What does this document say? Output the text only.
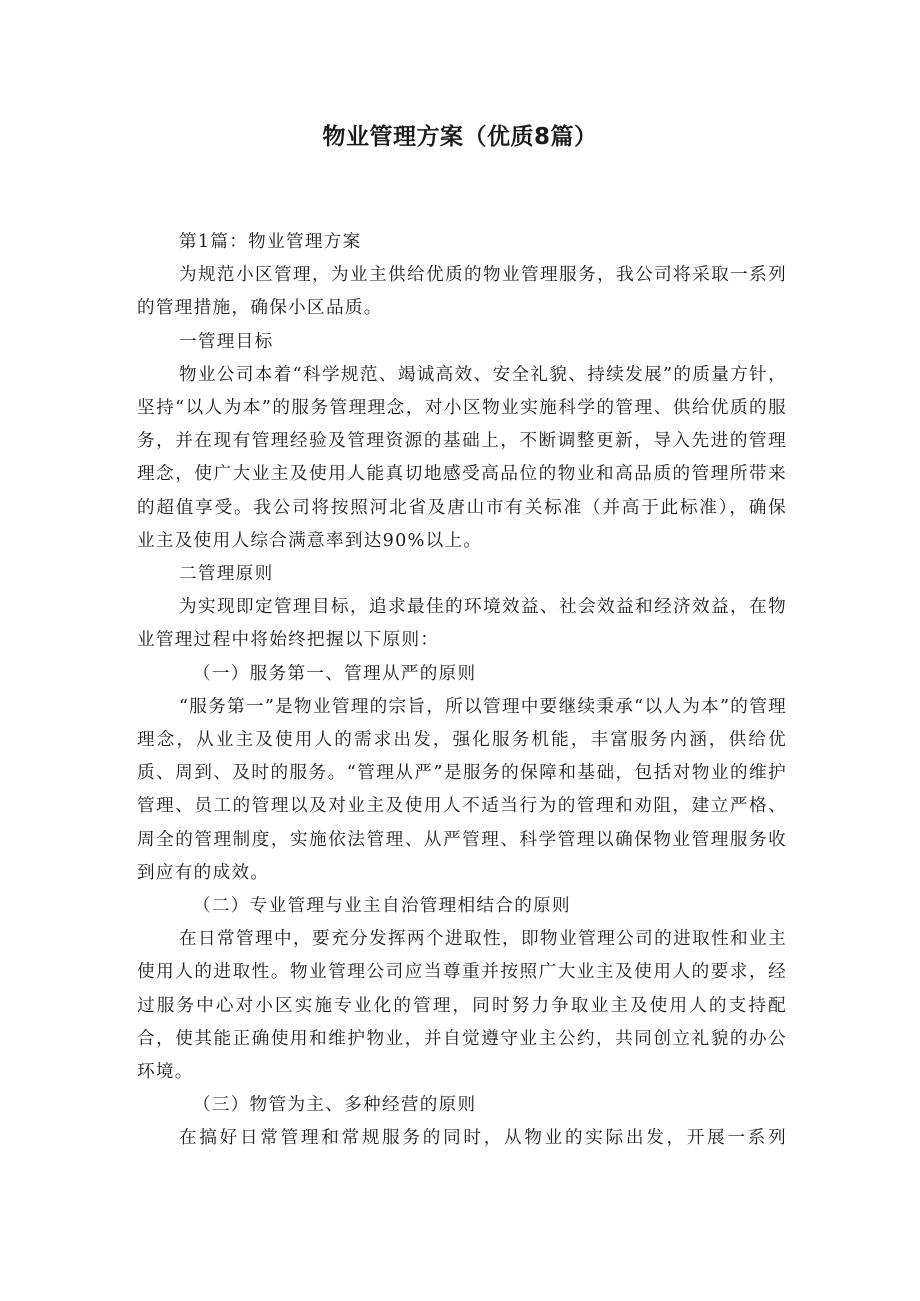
物业管理方案（优质8篇）

第1篇：物业管理方案

为规范小区管理，为业主供给优质的物业管理服务，我公司将采取一系列的管理措施，确保小区品质。

一管理目标

物业公司本着“科学规范、竭诚高效、安全礼貌、持续发展”的质量方针，坚持“以人为本”的服务管理理念，对小区物业实施科学的管理、供给优质的服务，并在现有管理经验及管理资源的基础上，不断调整更新，导入先进的管理理念，使广大业主及使用人能真切地感受高品位的物业和高品质的管理所带来的超值享受。我公司将按照河北省及唐山市有关标准（并高于此标准），确保业主及使用人综合满意率到达90%以上。

二管理原则

为实现即定管理目标，追求最佳的环境效益、社会效益和经济效益，在物业管理过程中将始终把握以下原则：

（一）服务第一、管理从严的原则

“服务第一”是物业管理的宗旨，所以管理中要继续秉承“以人为本”的管理理念，从业主及使用人的需求出发，强化服务机能，丰富服务内涵，供给优质、周到、及时的服务。“管理从严”是服务的保障和基础，包括对物业的维护管理、员工的管理以及对业主及使用人不适当行为的管理和劝阻，建立严格、周全的管理制度，实施依法管理、从严管理、科学管理以确保物业管理服务收到应有的成效。

（二）专业管理与业主自治管理相结合的原则

在日常管理中，要充分发挥两个进取性，即物业管理公司的进取性和业主使用人的进取性。物业管理公司应当尊重并按照广大业主及使用人的要求，经过服务中心对小区实施专业化的管理，同时努力争取业主及使用人的支持配合，使其能正确使用和维护物业，并自觉遵守业主公约，共同创立礼貌的办公环境。

（三）物管为主、多种经营的原则

在搞好日常管理和常规服务的同时，从物业的实际出发，开展一系列
